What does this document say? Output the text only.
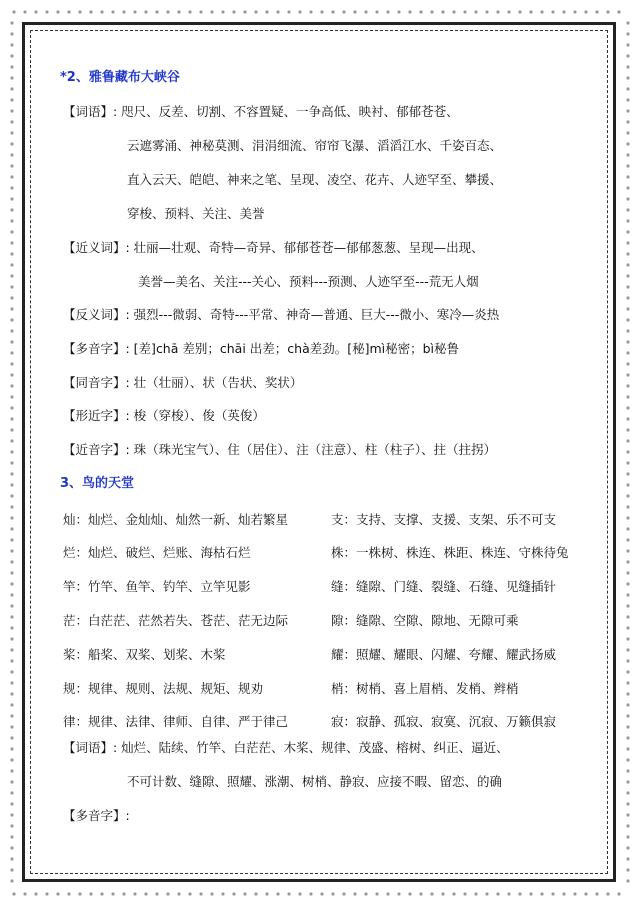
*2、雅鲁藏布大峡谷
【词语】: 咫尺、反差、切割、不容置疑、一争高低、映衬、郁郁苍苍、
云遮雾涌、神秘莫测、涓涓细流、帘帘飞瀑、滔滔江水、千姿百态、
直入云天、皑皑、神来之笔、呈现、凌空、花卉、人迹罕至、攀援、
穿梭、预料、关注、美誉
【近义词】: 壮丽—壮观、奇特—奇异、郁郁苍苍—郁郁葱葱、呈现—出现、
美誉—美名、关注---关心、预料---预测、人迹罕至---荒无人烟
【反义词】: 强烈---微弱、奇特---平常、神奇—普通、巨大---微小、寒冷—炎热
【多音字】: [差]chā 差别；chāi 出差；chà差劲。[秘]mì秘密；bì秘鲁
【同音字】: 壮（壮丽）、状（告状、奖状）
【形近字】: 梭（穿梭）、俊（英俊）
【近音字】: 珠（珠光宝气）、住（居住）、注（注意）、柱（柱子）、拄（拄拐）
3、鸟的天堂
灿：灿烂、金灿灿、灿然一新、灿若繁星	支：支持、支撑、支援、支架、乐不可支
烂：灿烂、破烂、烂账、海枯石烂	株：一株树、株连、株距、株连、守株待兔
竿：竹竿、鱼竿、钓竿、立竿见影	缝：缝隙、门缝、裂缝、石缝、见缝插针
茫：白茫茫、茫然若失、苍茫、茫无边际	隙：缝隙、空隙、隙地、无隙可乘
桨：船桨、双桨、划桨、木桨	耀：照耀、耀眼、闪耀、夸耀、耀武扬威
规：规律、规则、法规、规矩、规劝	梢：树梢、喜上眉梢、发梢、辫梢
律：规律、法律、律师、自律、严于律己	寂：寂静、孤寂、寂寞、沉寂、万籁俱寂
【词语】: 灿烂、陆续、竹竿、白茫茫、木桨、规律、茂盛、榕树、纠正、逼近、
不可计数、缝隙、照耀、涨潮、树梢、静寂、应接不暇、留恋、的确
【多音字】:
